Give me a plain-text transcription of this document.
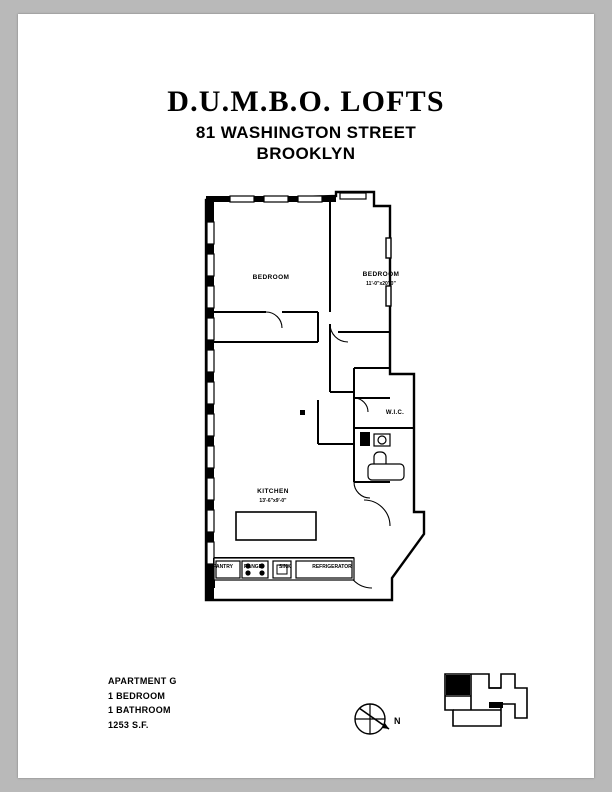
D.U.M.B.O. LOFTS
81 WASHINGTON STREET
BROOKLYN
BEDROOM	BEDROOM
11'-0"x20'-0"
W.I.C.
KITCHEN
13'-6"x9'-0"
PANTRY	RANGE	SINK	REFRIGERATOR
APARTMENT G
1 BEDROOM
1 BATHROOM
1253 S.F.	N
